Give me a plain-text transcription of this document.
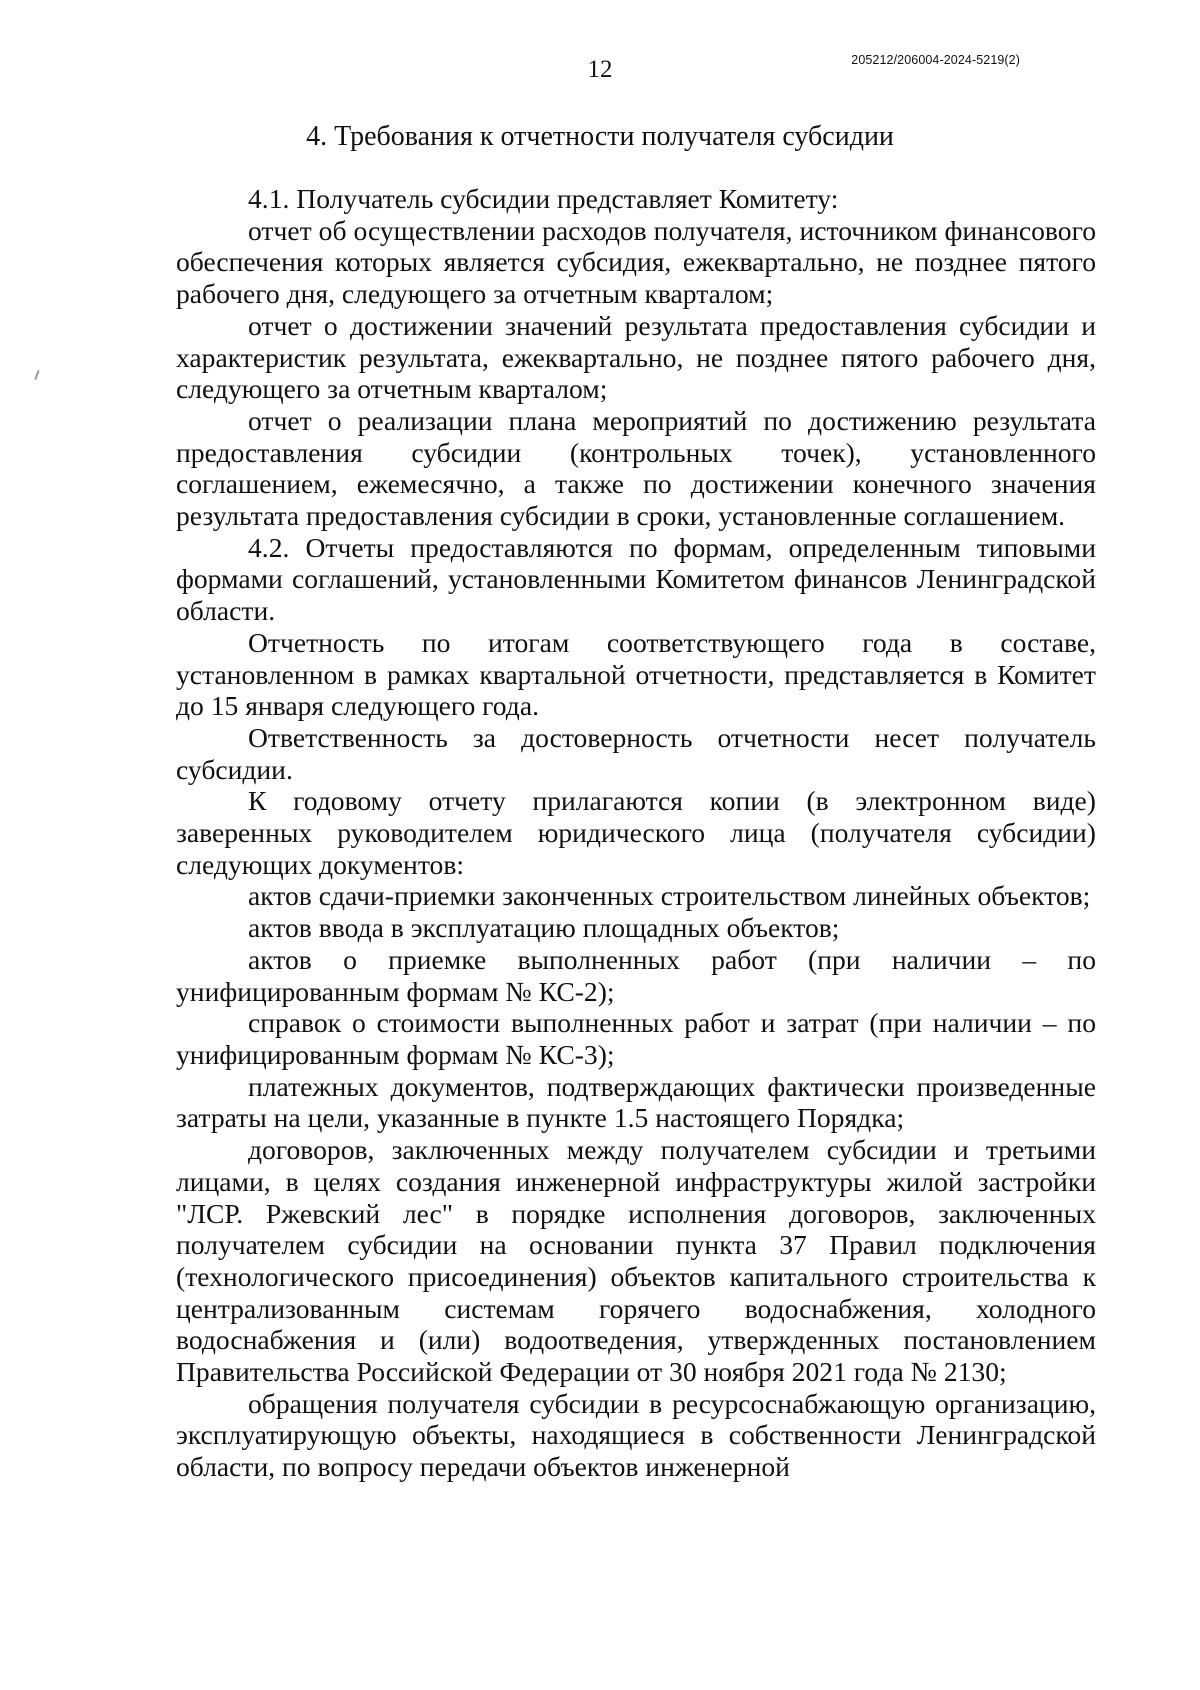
12	205212/206004-2024-5219(2)
4. Требования к отчетности получателя субсидии

4.1. Получатель субсидии представляет Комитету:

отчет об осуществлении расходов получателя, источником финансового обеспечения которых является субсидия, ежеквартально, не позднее пятого рабочего дня, следующего за отчетным кварталом;

отчет о достижении значений результата предоставления субсидии и характеристик результата, ежеквартально, не позднее пятого рабочего дня, следующего за отчетным кварталом;

отчет о реализации плана мероприятий по достижению результата предоставления субсидии (контрольных точек), установленного соглашением, ежемесячно, а также по достижении конечного значения результата предоставления субсидии в сроки, установленные соглашением.

4.2. Отчеты предоставляются по формам, определенным типовыми формами соглашений, установленными Комитетом финансов Ленинградской области.

Отчетность по итогам соответствующего года в составе, установленном в рамках квартальной отчетности, представляется в Комитет до 15 января следующего года.

Ответственность за достоверность отчетности несет получатель субсидии.

К годовому отчету прилагаются копии (в электронном виде) заверенных руководителем юридического лица (получателя субсидии) следующих документов:

актов сдачи-приемки законченных строительством линейных объектов;

актов ввода в эксплуатацию площадных объектов;

актов о приемке выполненных работ (при наличии – по унифицированным формам № КС-2);

справок о стоимости выполненных работ и затрат (при наличии – по унифицированным формам № КС-3);

платежных документов, подтверждающих фактически произведенные затраты на цели, указанные в пункте 1.5 настоящего Порядка;

договоров, заключенных между получателем субсидии и третьими лицами, в целях создания инженерной инфраструктуры жилой застройки "ЛСР. Ржевский лес" в порядке исполнения договоров, заключенных получателем субсидии на основании пункта 37 Правил подключения (технологического присоединения) объектов капитального строительства к централизованным системам горячего водоснабжения, холодного водоснабжения и (или) водоотведения, утвержденных постановлением Правительства Российской Федерации от 30 ноября 2021 года № 2130;

обращения получателя субсидии в ресурсоснабжающую организацию, эксплуатирующую объекты, находящиеся в собственности Ленинградской области, по вопросу передачи объектов инженерной
